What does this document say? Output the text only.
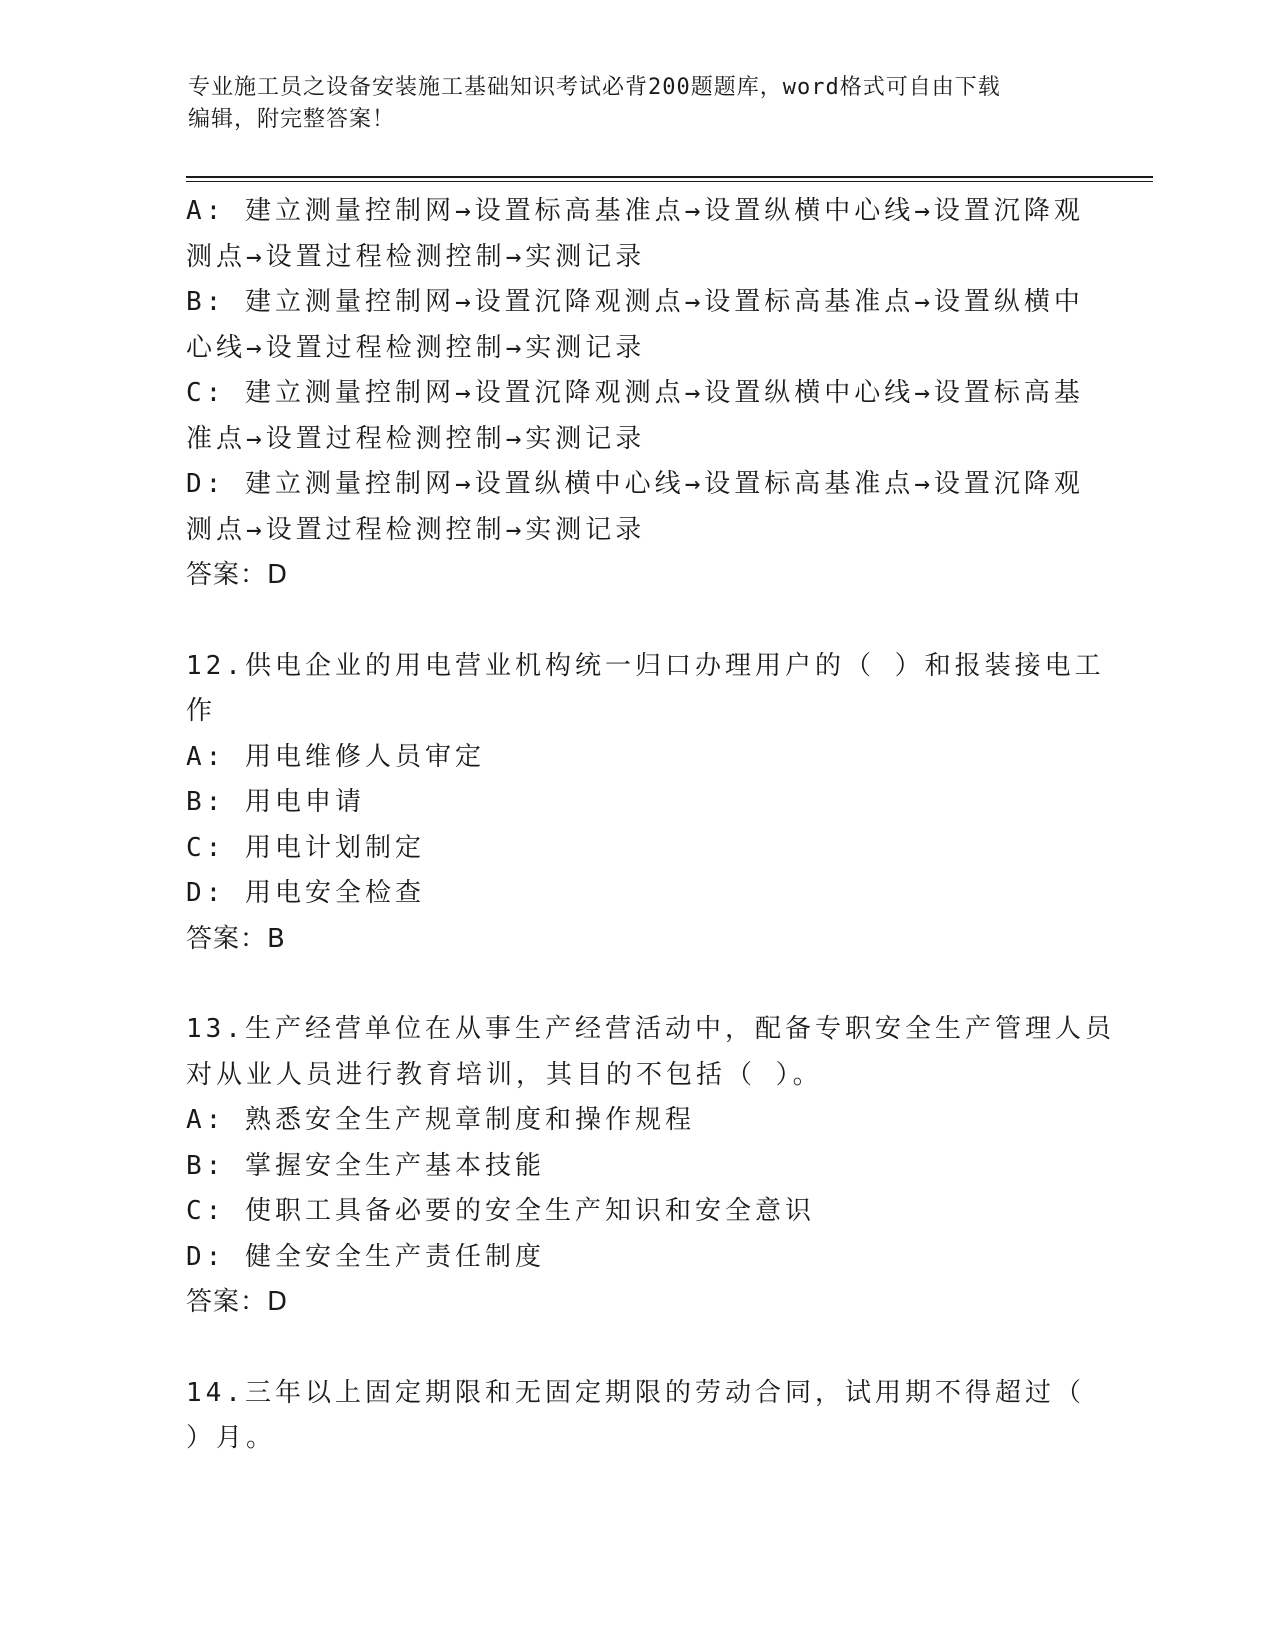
专业施工员之设备安装施工基础知识考试必背200题题库，word格式可自由下载
编辑，附完整答案！

A: 建立测量控制网→设置标高基准点→设置纵横中心线→设置沉降观

测点→设置过程检测控制→实测记录

B: 建立测量控制网→设置沉降观测点→设置标高基准点→设置纵横中

心线→设置过程检测控制→实测记录

C: 建立测量控制网→设置沉降观测点→设置纵横中心线→设置标高基

准点→设置过程检测控制→实测记录

D: 建立测量控制网→设置纵横中心线→设置标高基准点→设置沉降观

测点→设置过程检测控制→实测记录

答案：D

12.供电企业的用电营业机构统一归口办理用户的（ ）和报装接电工

作

A: 用电维修人员审定

B: 用电申请

C: 用电计划制定

D: 用电安全检查

答案：B

13.生产经营单位在从事生产经营活动中，配备专职安全生产管理人员

对从业人员进行教育培训，其目的不包括（ ）。

A: 熟悉安全生产规章制度和操作规程

B: 掌握安全生产基本技能

C: 使职工具备必要的安全生产知识和安全意识

D: 健全安全生产责任制度

答案：D

14.三年以上固定期限和无固定期限的劳动合同，试用期不得超过（

）月。
